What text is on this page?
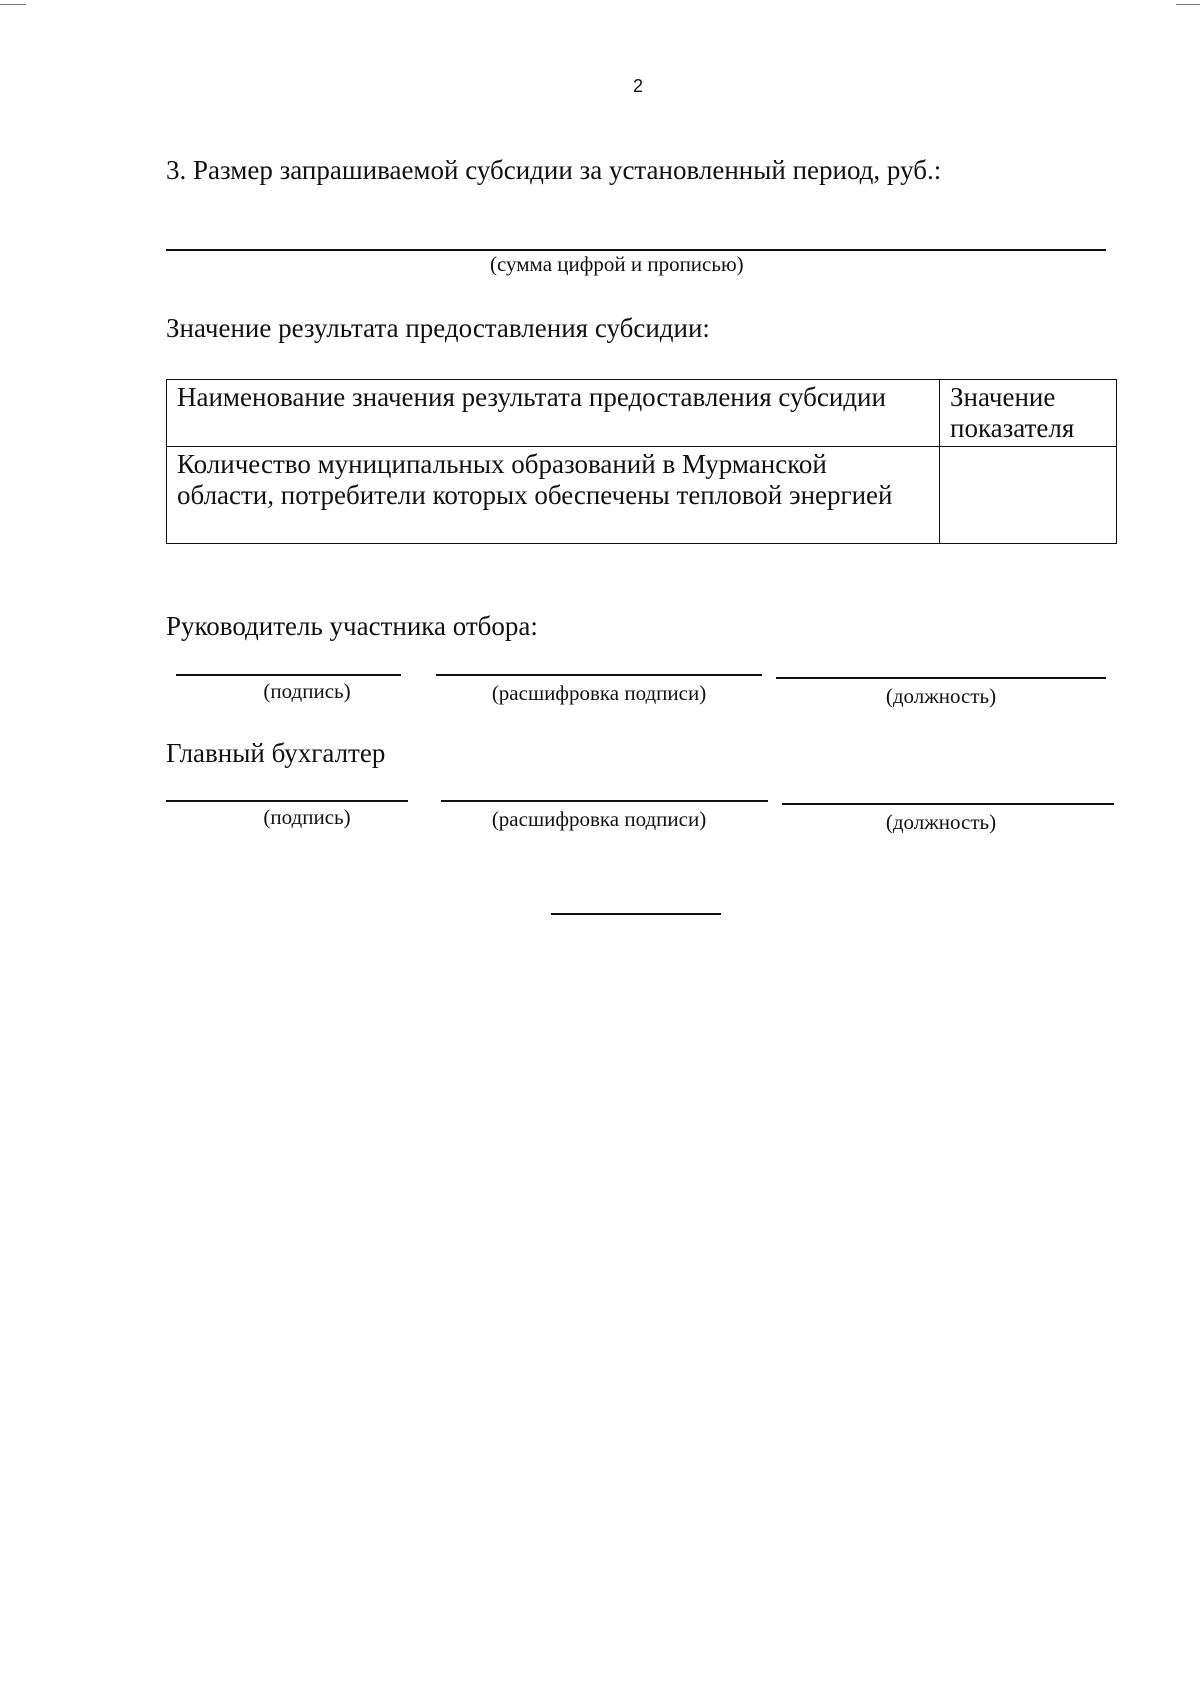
2
3. Размер запрашиваемой субсидии за установленный период, руб.:
(сумма цифрой и прописью)
Значение результата предоставления субсидии:
Наименование значения результата предоставления субсидии	Значение показателя
Количество муниципальных образований в Мурманской области, потребители которых обеспечены тепловой энергией	
Руководитель участника отбора:
(подпись)	(расшифровка подписи)	(должность)
Главный бухгалтер
(подпись)	(расшифровка подписи)	(должность)
